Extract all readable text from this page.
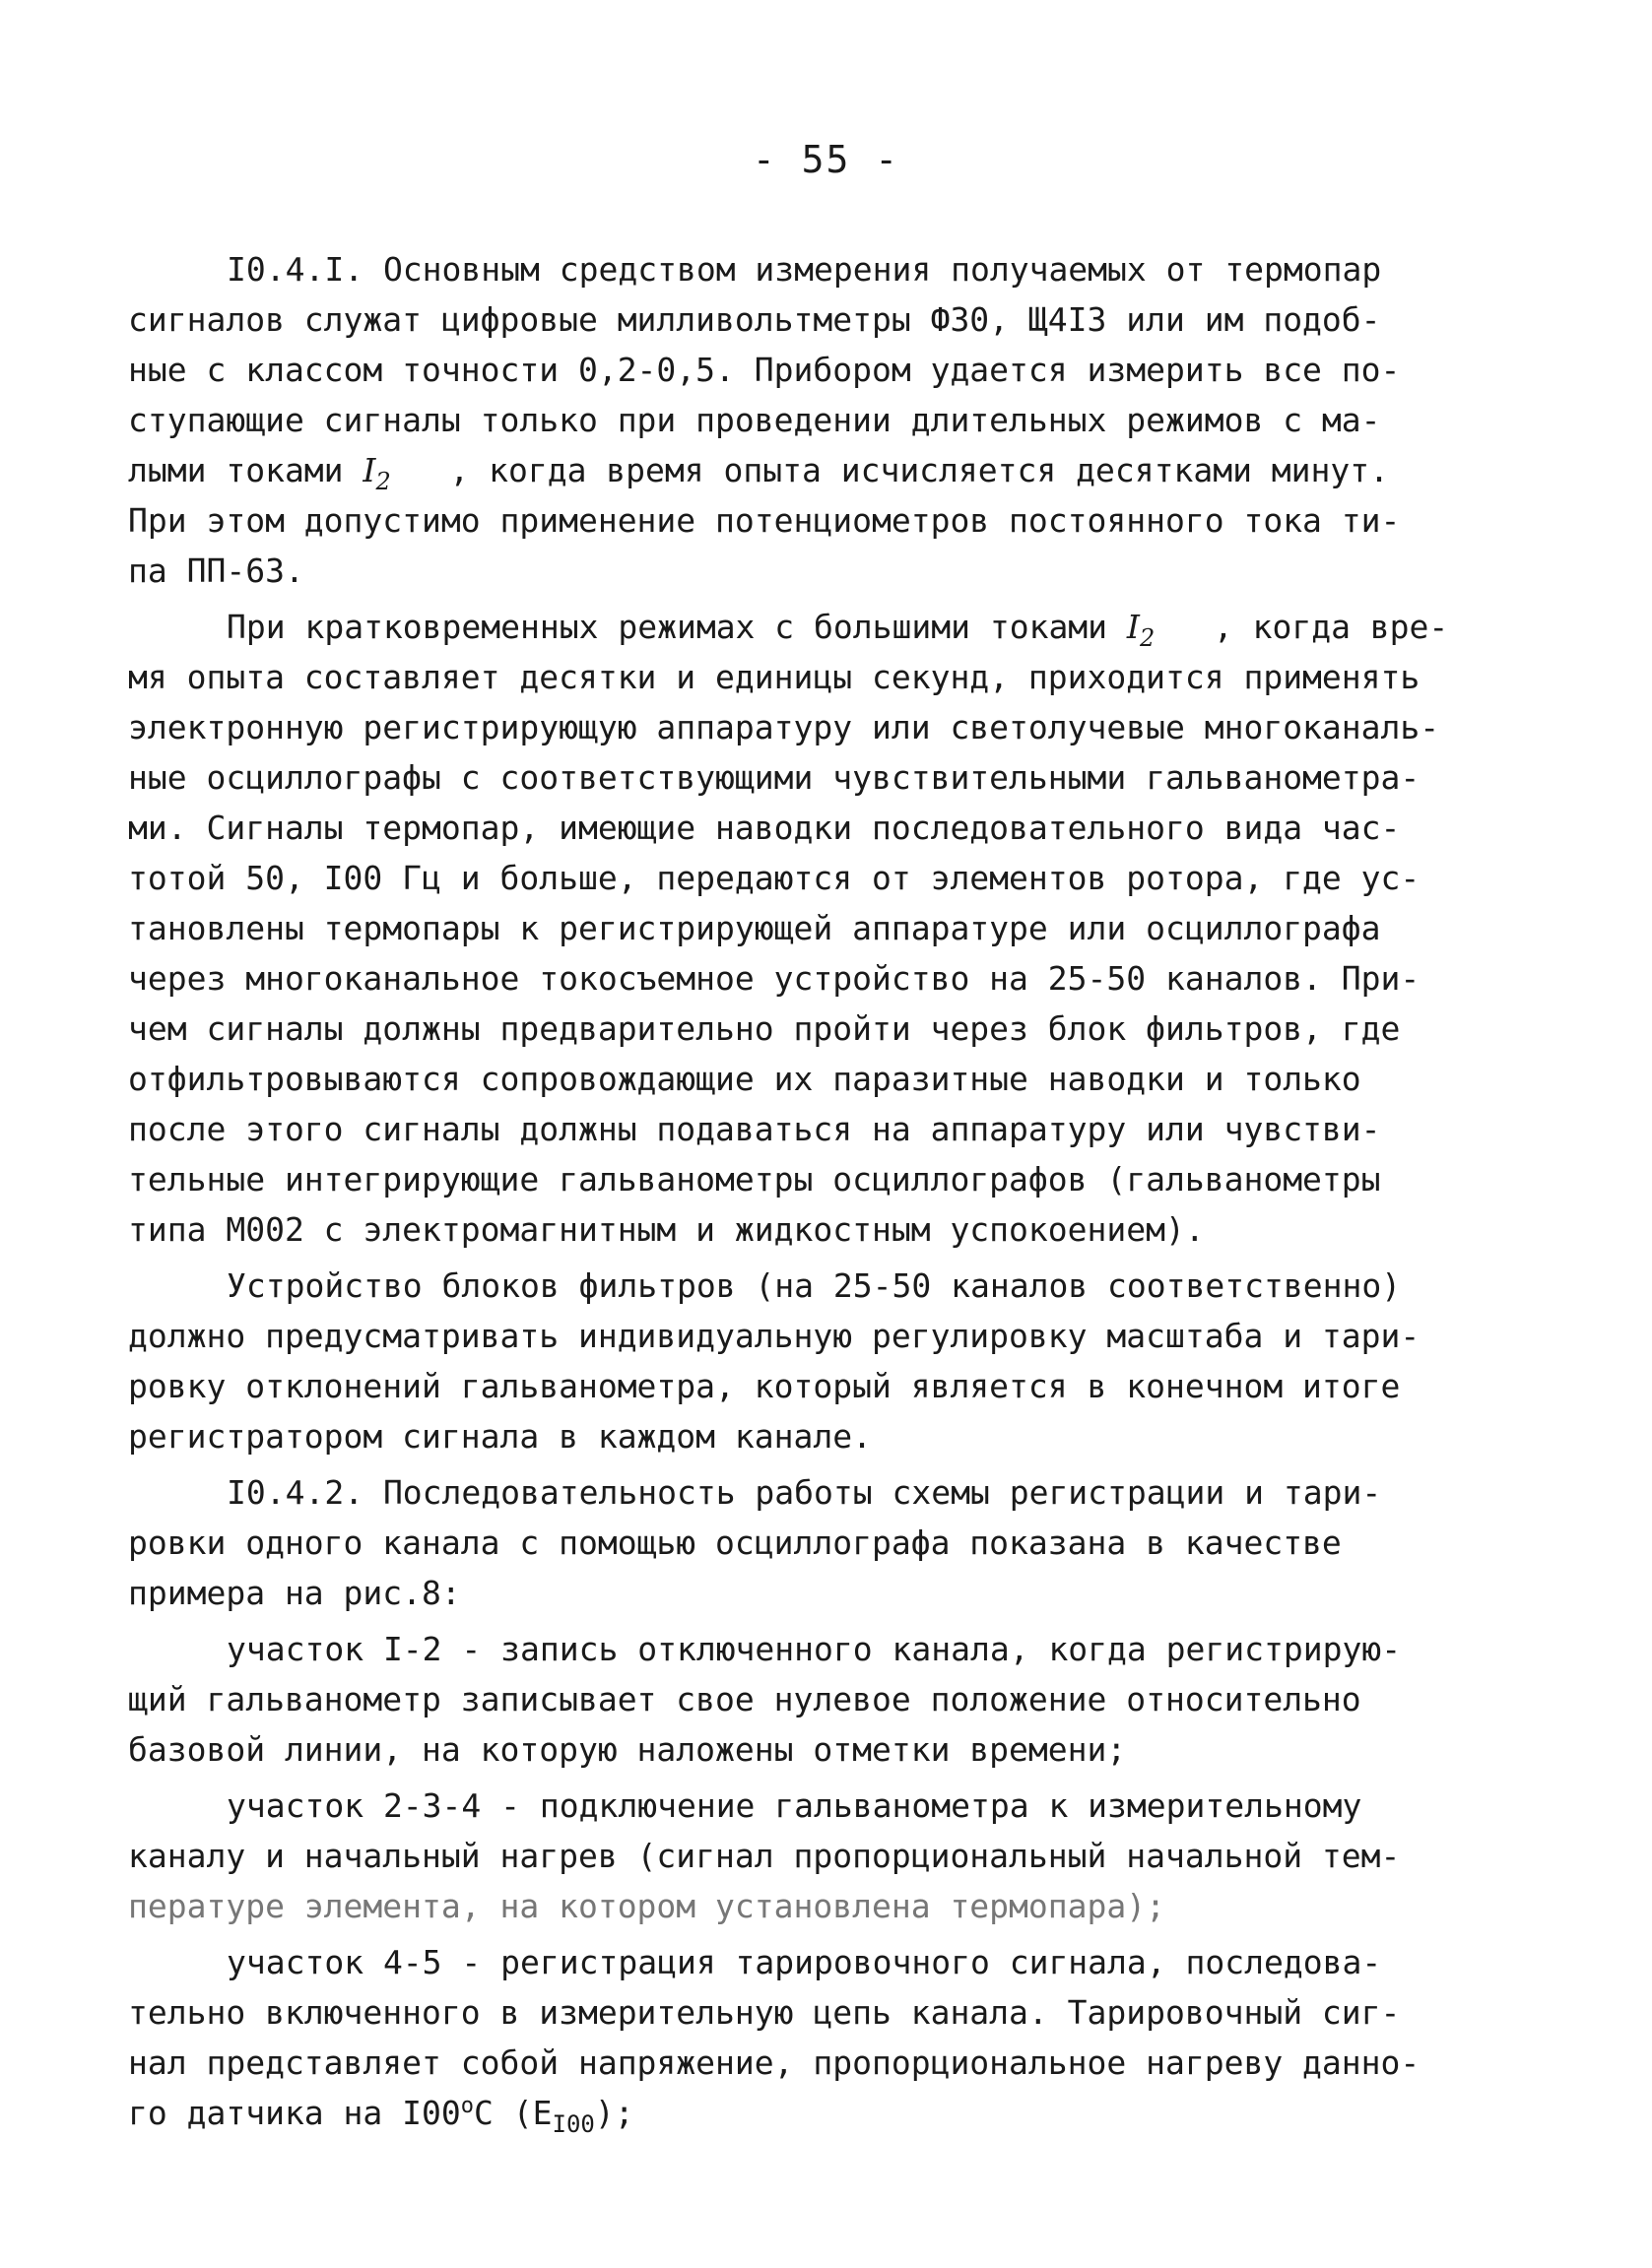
- 55 -
I0.4.I. Основным средством измерения получаемых от термопар
сигналов служат цифровые милливольтметры Ф30, Щ4I3 или им подоб-
ные с классом точности 0,2-0,5. Прибором удается измерить все по-
ступающие сигналы только при проведении длительных режимов с ма-
лыми токами $I_2$ , когда время опыта исчисляется десятками минут.
При этом допустимо применение потенциометров постоянного тока ти-
па ПП-63.
При кратковременных режимах с большими токами $I_2$ , когда вре-
мя опыта составляет десятки и единицы секунд, приходится применять
электронную регистрирующую аппаратуру или светолучевые многоканаль-
ные осциллографы с соответствующими чувствительными гальванометра-
ми. Сигналы термопар, имеющие наводки последовательного вида час-
тотой 50, I00 Гц и больше, передаются от элементов ротора, где ус-
тановлены термопары к регистрирующей аппаратуре или осциллографа
через многоканальное токосъемное устройство на 25-50 каналов. При-
чем сигналы должны предварительно пройти через блок фильтров, где
отфильтровываются сопровождающие их паразитные наводки и только
после этого сигналы должны подаваться на аппаратуру или чувстви-
тельные интегрирующие гальванометры осциллографов (гальванометры
типа М002 с электромагнитным и жидкостным успокоением).
Устройство блоков фильтров (на 25-50 каналов соответственно)
должно предусматривать индивидуальную регулировку масштаба и тари-
ровку отклонений гальванометра, который является в конечном итоге
регистратором сигнала в каждом канале.
I0.4.2. Последовательность работы схемы регистрации и тари-
ровки одного канала с помощью осциллографа показана в качестве
примера на рис.8:
участок I-2 - запись отключенного канала, когда регистрирую-
щий гальванометр записывает свое нулевое положение относительно
базовой линии, на которую наложены отметки времени;
участок 2-3-4 - подключение гальванометра к измерительному
каналу и начальный нагрев (сигнал пропорциональный начальной тем-
пературе элемента, на котором установлена термопара);
участок 4-5 - регистрация тарировочного сигнала, последова-
тельно включенного в измерительную цепь канала. Тарировочный сиг-
нал представляет собой напряжение, пропорциональное нагреву данно-
го датчика на I00$^o$C $(E_{I00})$;
